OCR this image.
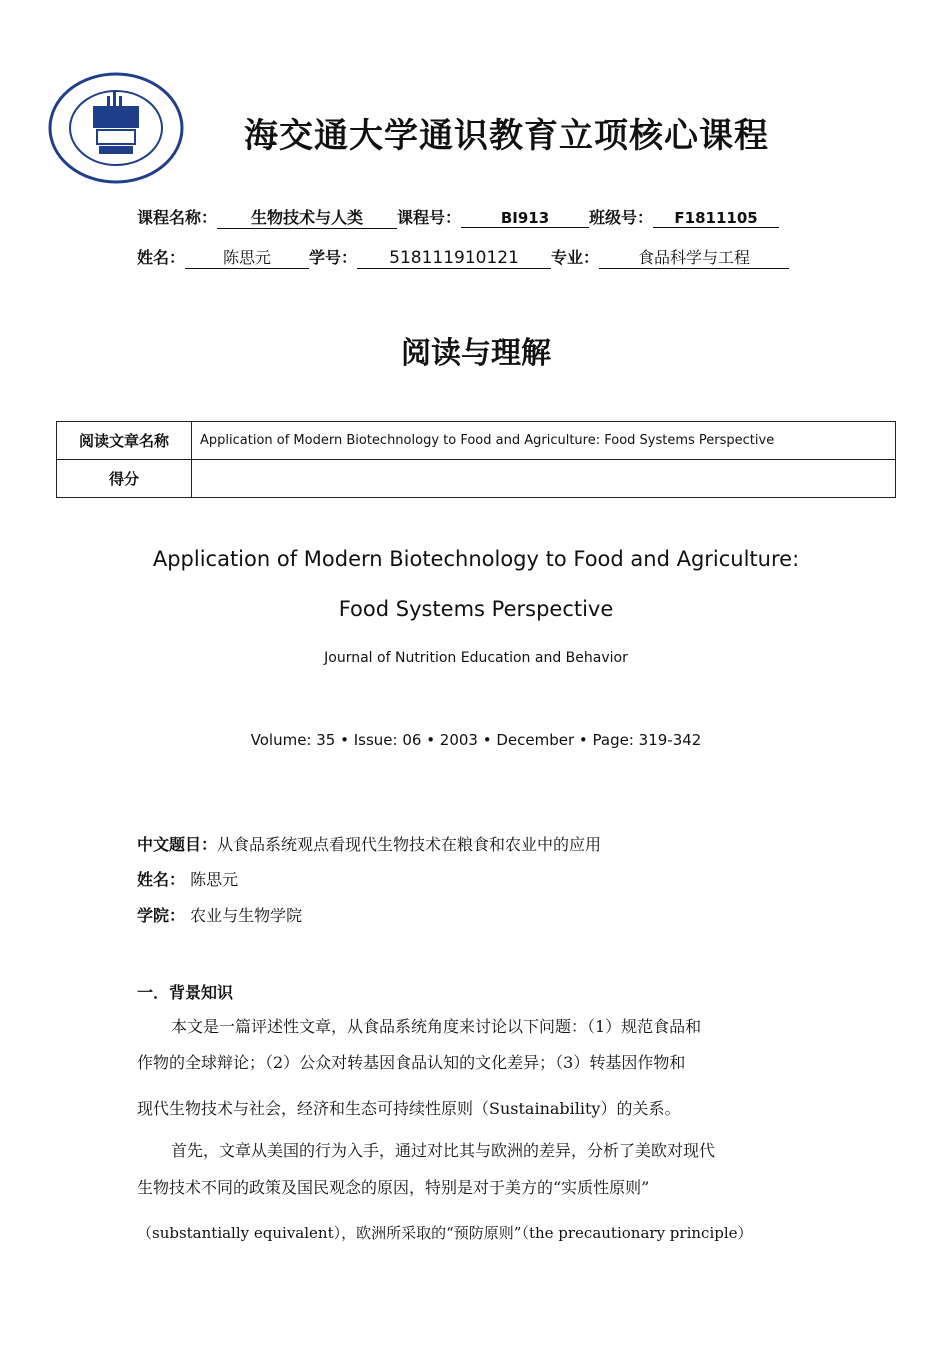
海交通大学通识教育立项核心课程
课程名称：	生物技术与人类	课程号：	BI913	班级号：	F1811105
姓名：	陈思元	学号：	518111910121	专业：	食品科学与工程
阅读与理解
阅读文章名称	Application of Modern Biotechnology to Food and Agriculture: Food Systems Perspective
得分	
Application of Modern Biotechnology to Food and Agriculture:
Food Systems Perspective
Journal of Nutrition Education and Behavior
Volume: 35 • Issue: 06 • 2003 • December • Page: 319-342
中文题目：从食品系统观点看现代生物技术在粮食和农业中的应用
姓名： 陈思元
学院： 农业与生物学院
一．背景知识
本文是一篇评述性文章，从食品系统角度来讨论以下问题：（1）规范食品和
作物的全球辩论；（2）公众对转基因食品认知的文化差异；（3）转基因作物和
现代生物技术与社会，经济和生态可持续性原则（Sustainability）的关系。
首先，文章从美国的行为入手，通过对比其与欧洲的差异，分析了美欧对现代
生物技术不同的政策及国民观念的原因，特别是对于美方的“实质性原则”
（substantially equivalent），欧洲所采取的“预防原则”（the precautionary principle）
